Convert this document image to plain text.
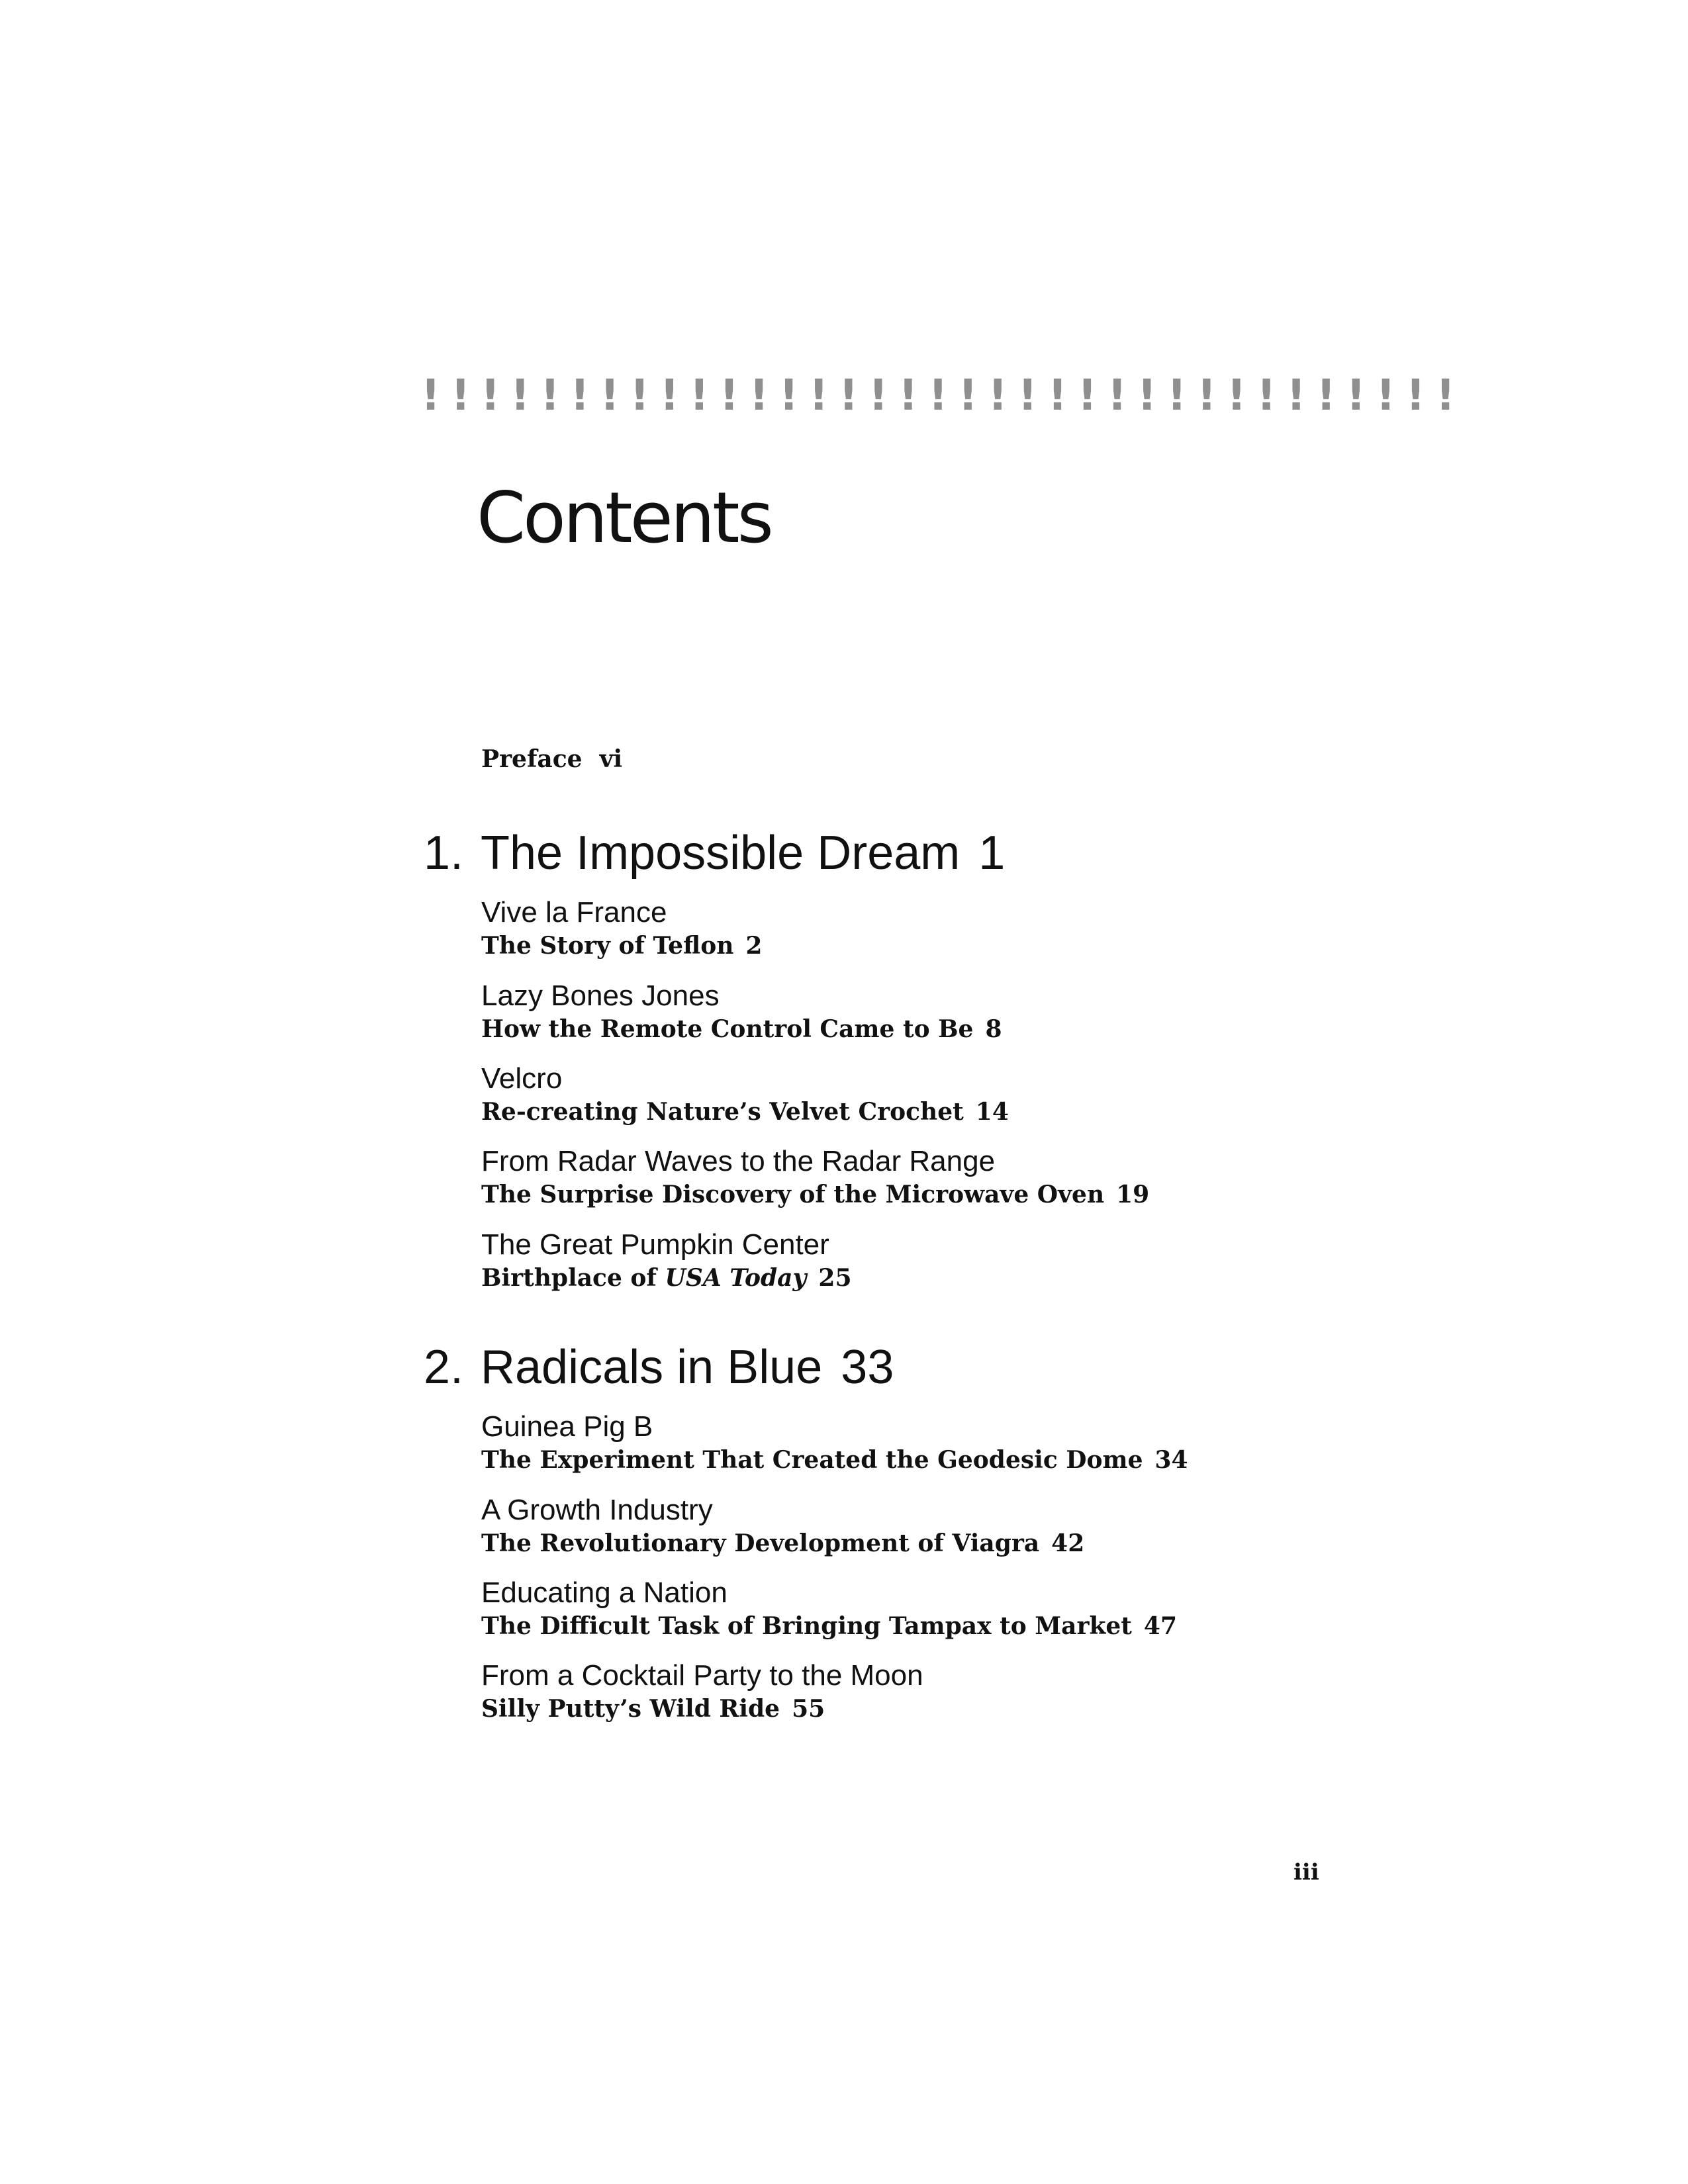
!!!!!!!!!!!!!!!!!!!!!!!!!!!!!!!!!!!
Contents
Preface vi
1. The Impossible Dream 1
Vive la France
The Story of Teflon 2
Lazy Bones Jones
How the Remote Control Came to Be 8
Velcro
Re-creating Nature’s Velvet Crochet 14
From Radar Waves to the Radar Range
The Surprise Discovery of the Microwave Oven 19
The Great Pumpkin Center
Birthplace of USA Today 25
2. Radicals in Blue 33
Guinea Pig B
The Experiment That Created the Geodesic Dome 34
A Growth Industry
The Revolutionary Development of Viagra 42
Educating a Nation
The Difficult Task of Bringing Tampax to Market 47
From a Cocktail Party to the Moon
Silly Putty’s Wild Ride 55
iii
